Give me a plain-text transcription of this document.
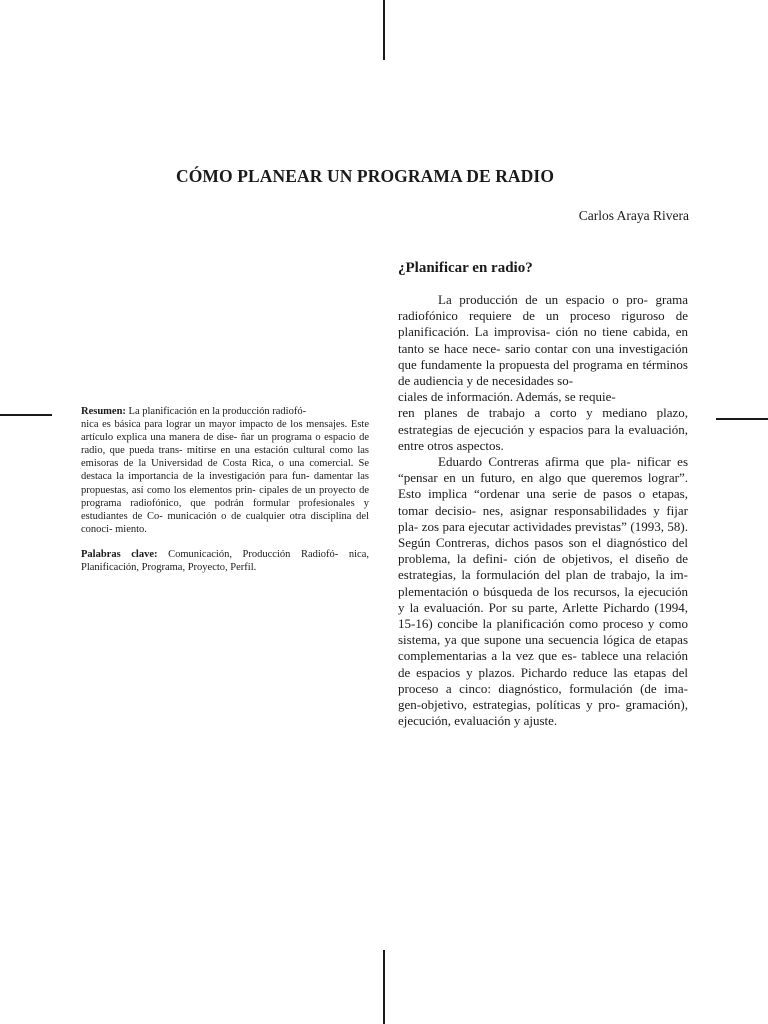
CÓMO PLANEAR UN PROGRAMA DE RADIO
Carlos Araya Rivera
¿Planificar en radio?

La producción de un espacio o pro- grama radiofónico requiere de un proceso riguroso de planificación. La improvisa- ción no tiene cabida, en tanto se hace nece- sario contar con una investigación que fundamente la propuesta del programa en términos de audiencia y de necesidades so-

ciales de información. Además, se requie-

ren planes de trabajo a corto y mediano plazo, estrategias de ejecución y espacios para la evaluación, entre otros aspectos.

Eduardo Contreras afirma que pla- nificar es “pensar en un futuro, en algo que queremos lograr”. Esto implica “ordenar una serie de pasos o etapas, tomar decisio- nes, asignar responsabilidades y fijar pla- zos para ejecutar actividades previstas” (1993, 58). Según Contreras, dichos pasos son el diagnóstico del problema, la defini- ción de objetivos, el diseño de estrategias, la formulación del plan de trabajo, la im- plementación o búsqueda de los recursos, la ejecución y la evaluación. Por su parte, Arlette Pichardo (1994, 15-16) concibe la planificación como proceso y como sistema, ya que supone una secuencia lógica de etapas complementarias a la vez que es- tablece una relación de espacios y plazos. Pichardo reduce las etapas del proceso a cinco: diagnóstico, formulación (de ima- gen-objetivo, estrategias, políticas y pro- gramación), ejecución, evaluación y ajuste.

Resumen: La planificación en la producción radiofó-

nica es básica para lograr un mayor impacto de los mensajes. Este artículo explica una manera de dise- ñar un programa o espacio de radio, que pueda trans- mitirse en una estación cultural como las emisoras de la Universidad de Costa Rica, o una comercial. Se destaca la importancia de la investigación para fun- damentar las propuestas, así como los elementos prin- cipales de un proyecto de programa radiofónico, que podrán formular profesionales y estudiantes de Co- municación o de cualquier otra disciplina del conoci- miento.

Palabras clave: Comunicación, Producción Radiofó- nica, Planificación, Programa, Proyecto, Perfil.
